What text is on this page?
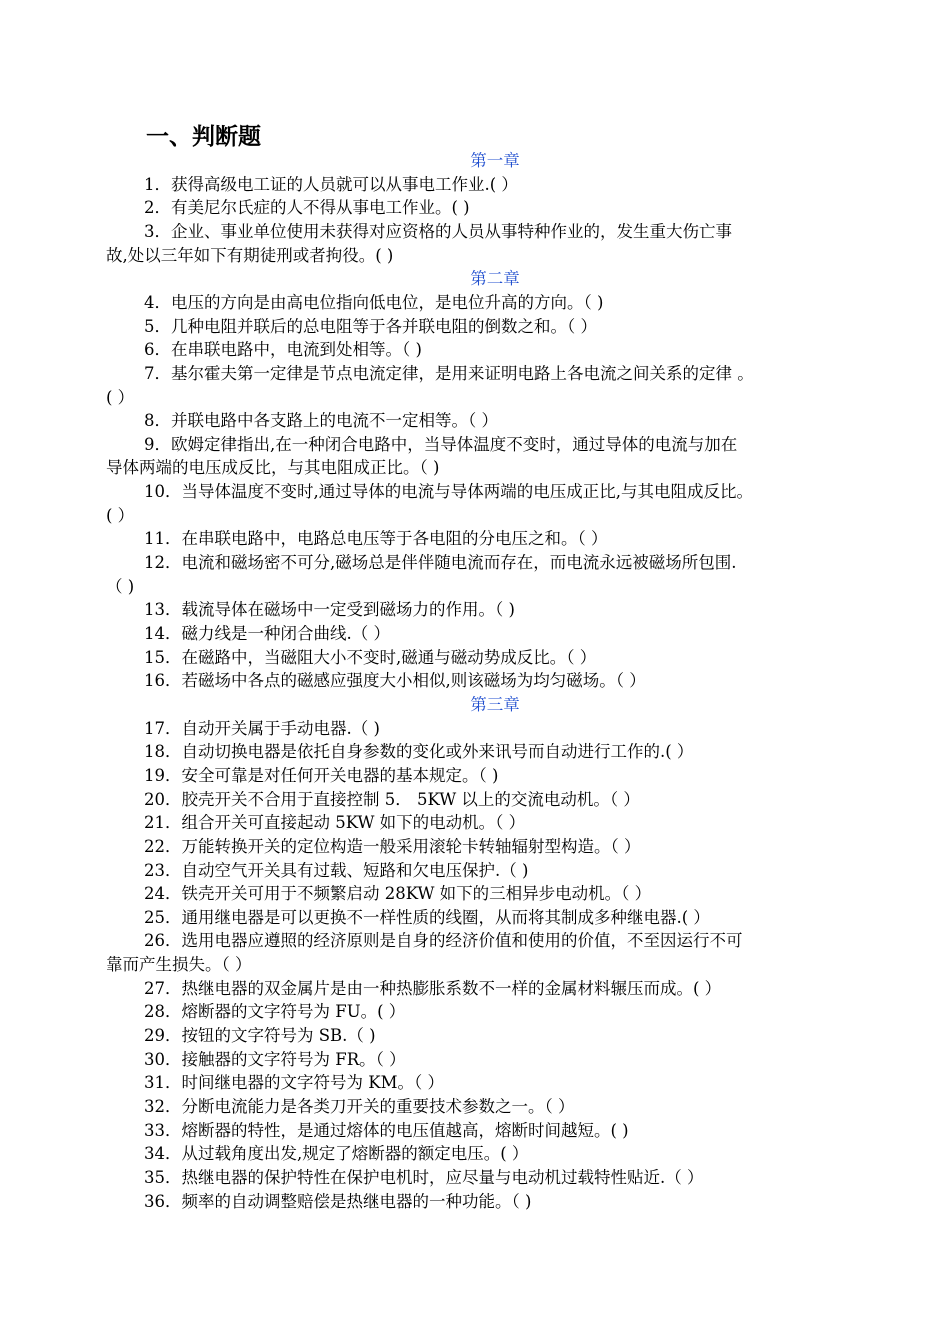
一、判断题
第一章
1．获得高级电工证的人员就可以从事电工作业.( ）
2．有美尼尔氏症的人不得从事电工作业。( )
3．企业、事业单位使用未获得对应资格的人员从事特种作业的，发生重大伤亡事
故,处以三年如下有期徒刑或者拘役。( )
第二章
4．电压的方向是由高电位指向低电位，是电位升高的方向。（ )
5．几种电阻并联后的总电阻等于各并联电阻的倒数之和。（ ）
6．在串联电路中，电流到处相等。（ )
7．基尔霍夫第一定律是节点电流定律，是用来证明电路上各电流之间关系的定律 。
( ）
8．并联电路中各支路上的电流不一定相等。（ ）
9．欧姆定律指出,在一种闭合电路中，当导体温度不变时，通过导体的电流与加在
导体两端的电压成反比，与其电阻成正比。（ )
10．当导体温度不变时,通过导体的电流与导体两端的电压成正比,与其电阻成反比。
( ）
11．在串联电路中，电路总电压等于各电阻的分电压之和。（ ）
12．电流和磁场密不可分,磁场总是伴伴随电流而存在，而电流永远被磁场所包围.
（ )
13．载流导体在磁场中一定受到磁场力的作用。（ )
14．磁力线是一种闭合曲线.（ ）
15．在磁路中，当磁阻大小不变时,磁通与磁动势成反比。（ ）
16．若磁场中各点的磁感应强度大小相似,则该磁场为均匀磁场。（ ）
第三章
17．自动开关属于手动电器.（ )
18．自动切换电器是依托自身参数的变化或外来讯号而自动进行工作的.( ）
19．安全可靠是对任何开关电器的基本规定。（ )
20．胶壳开关不合用于直接控制 5． 5KW 以上的交流电动机。（ ）
21．组合开关可直接起动 5KW 如下的电动机。（ ）
22．万能转换开关的定位构造一般采用滚轮卡转轴辐射型构造。（ ）
23．自动空气开关具有过载、短路和欠电压保护.（ )
24．铁壳开关可用于不频繁启动 28KW 如下的三相异步电动机。（ ）
25．通用继电器是可以更换不一样性质的线圈，从而将其制成多种继电器.( ）
26．选用电器应遵照的经济原则是自身的经济价值和使用的价值，不至因运行不可
靠而产生损失。（ ）
27．热继电器的双金属片是由一种热膨胀系数不一样的金属材料辗压而成。( ）
28．熔断器的文字符号为 FU。( ）
29．按钮的文字符号为 SB.（ )
30．接触器的文字符号为 FR。（ ）
31．时间继电器的文字符号为 KM。（ ）
32．分断电流能力是各类刀开关的重要技术参数之一。（ ）
33．熔断器的特性，是通过熔体的电压值越高，熔断时间越短。( )
34．从过载角度出发,规定了熔断器的额定电压。( ）
35．热继电器的保护特性在保护电机时，应尽量与电动机过载特性贴近.（ ）
36．频率的自动调整赔偿是热继电器的一种功能。（ )
